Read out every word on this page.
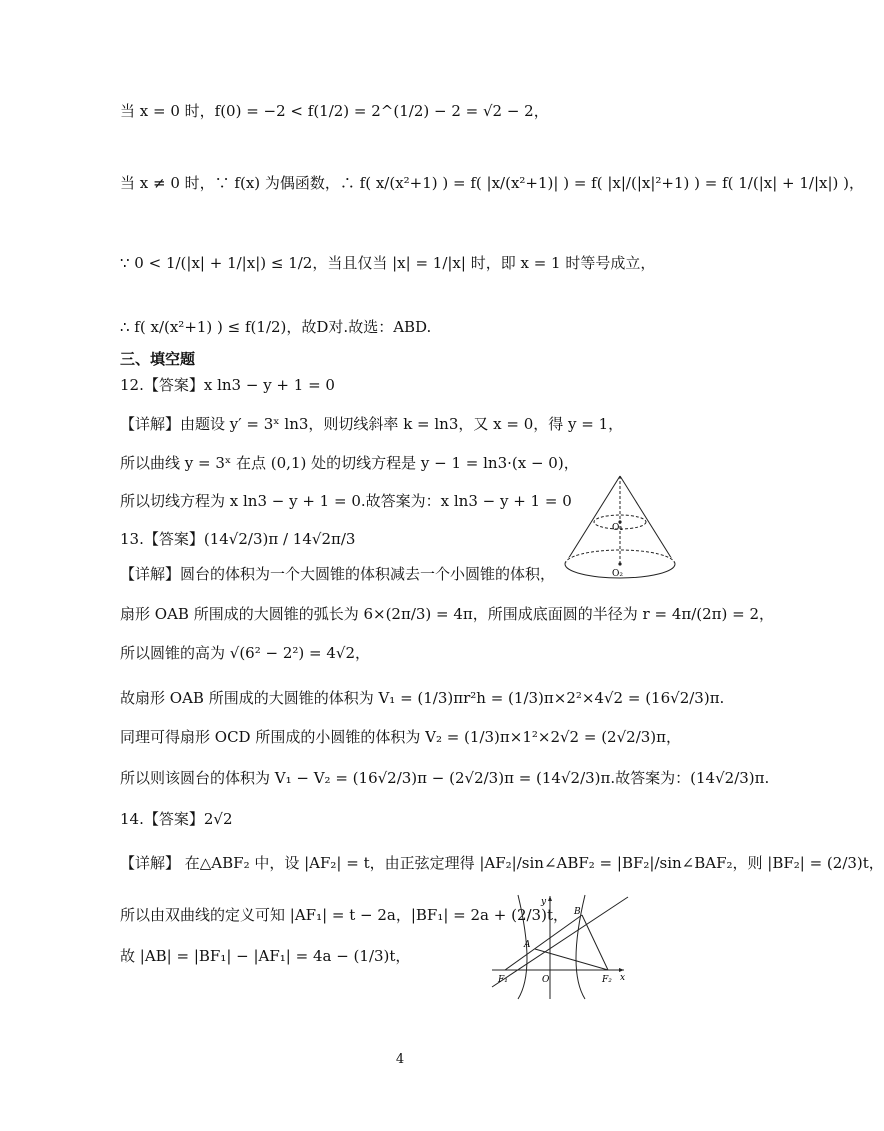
当 x = 0 时，f(0) = −2 < f(1/2) = 2^(1/2) − 2 = √2 − 2，
当 x ≠ 0 时，∵ f(x) 为偶函数，∴ f( x/(x²+1) ) = f( |x/(x²+1)| ) = f( |x|/(|x|²+1) ) = f( 1/(|x| + 1/|x|) )，
∵ 0 < 1/(|x| + 1/|x|) ≤ 1/2，当且仅当 |x| = 1/|x| 时，即 x = 1 时等号成立，
∴ f( x/(x²+1) ) ≤ f(1/2)，故D对.故选：ABD.
三、填空题
12.【答案】x ln3 − y + 1 = 0
【详解】由题设 y′ = 3ˣ ln3，则切线斜率 k = ln3，又 x = 0，得 y = 1，
所以曲线 y = 3ˣ 在点 (0,1) 处的切线方程是 y − 1 = ln3·(x − 0)，
所以切线方程为 x ln3 − y + 1 = 0.故答案为：x ln3 − y + 1 = 0
13.【答案】(14√2/3)π / 14√2π/3
【详解】圆台的体积为一个大圆锥的体积减去一个小圆锥的体积，
扇形 OAB 所围成的大圆锥的弧长为 6×(2π/3) = 4π，所围成底面圆的半径为 r = 4π/(2π) = 2，
所以圆锥的高为 √(6² − 2²) = 4√2，
故扇形 OAB 所围成的大圆锥的体积为 V₁ = (1/3)πr²h = (1/3)π×2²×4√2 = (16√2/3)π.
同理可得扇形 OCD 所围成的小圆锥的体积为 V₂ = (1/3)π×1²×2√2 = (2√2/3)π，
所以则该圆台的体积为 V₁ − V₂ = (16√2/3)π − (2√2/3)π = (14√2/3)π.故答案为：(14√2/3)π.
14.【答案】2√2
【详解】 在△ABF₂ 中，设 |AF₂| = t，由正弦定理得 |AF₂|/sin∠ABF₂ = |BF₂|/sin∠BAF₂，则 |BF₂| = (2/3)t，
所以由双曲线的定义可知 |AF₁| = t − 2a，|BF₁| = 2a + (2/3)t，
故 |AB| = |BF₁| − |AF₁| = 4a − (1/3)t，
O₁
O₂
y
B
A
F₁	O	F₂ x
4
